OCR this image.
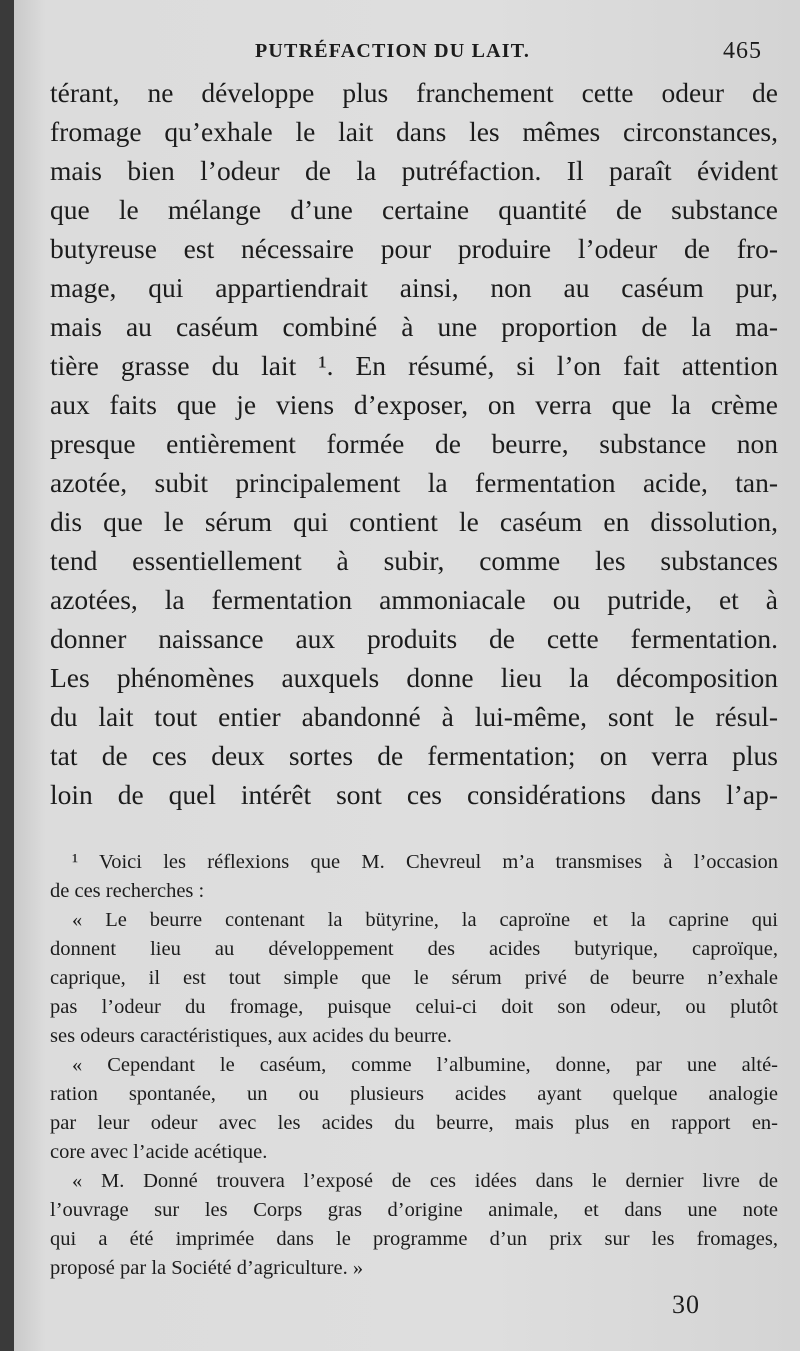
PUTRÉFACTION DU LAIT.	465
térant, ne développe plus franchement cette odeur de
fromage qu’exhale le lait dans les mêmes circonstances,
mais bien l’odeur de la putréfaction. Il paraît évident
que le mélange d’une certaine quantité de substance
butyreuse est nécessaire pour produire l’odeur de fro-
mage, qui appartiendrait ainsi, non au caséum pur,
mais au caséum combiné à une proportion de la ma-
tière grasse du lait ¹. En résumé, si l’on fait attention
aux faits que je viens d’exposer, on verra que la crème
presque entièrement formée de beurre, substance non
azotée, subit principalement la fermentation acide, tan-
dis que le sérum qui contient le caséum en dissolution,
tend essentiellement à subir, comme les substances
azotées, la fermentation ammoniacale ou putride, et à
donner naissance aux produits de cette fermentation.
Les phénomènes auxquels donne lieu la décomposition
du lait tout entier abandonné à lui-même, sont le résul-
tat de ces deux sortes de fermentation; on verra plus
loin de quel intérêt sont ces considérations dans l’ap-
¹ Voici les réflexions que M. Chevreul m’a transmises à l’occasion
de ces recherches :
« Le beurre contenant la bütyrine, la caproïne et la caprine qui
donnent lieu au développement des acides butyrique, caproïque,
caprique, il est tout simple que le sérum privé de beurre n’exhale
pas l’odeur du fromage, puisque celui-ci doit son odeur, ou plutôt
ses odeurs caractéristiques, aux acides du beurre.
« Cependant le caséum, comme l’albumine, donne, par une alté-
ration spontanée, un ou plusieurs acides ayant quelque analogie
par leur odeur avec les acides du beurre, mais plus en rapport en-
core avec l’acide acétique.
« M. Donné trouvera l’exposé de ces idées dans le dernier livre de
l’ouvrage sur les Corps gras d’origine animale, et dans une note
qui a été imprimée dans le programme d’un prix sur les fromages,
proposé par la Société d’agriculture. »
30
